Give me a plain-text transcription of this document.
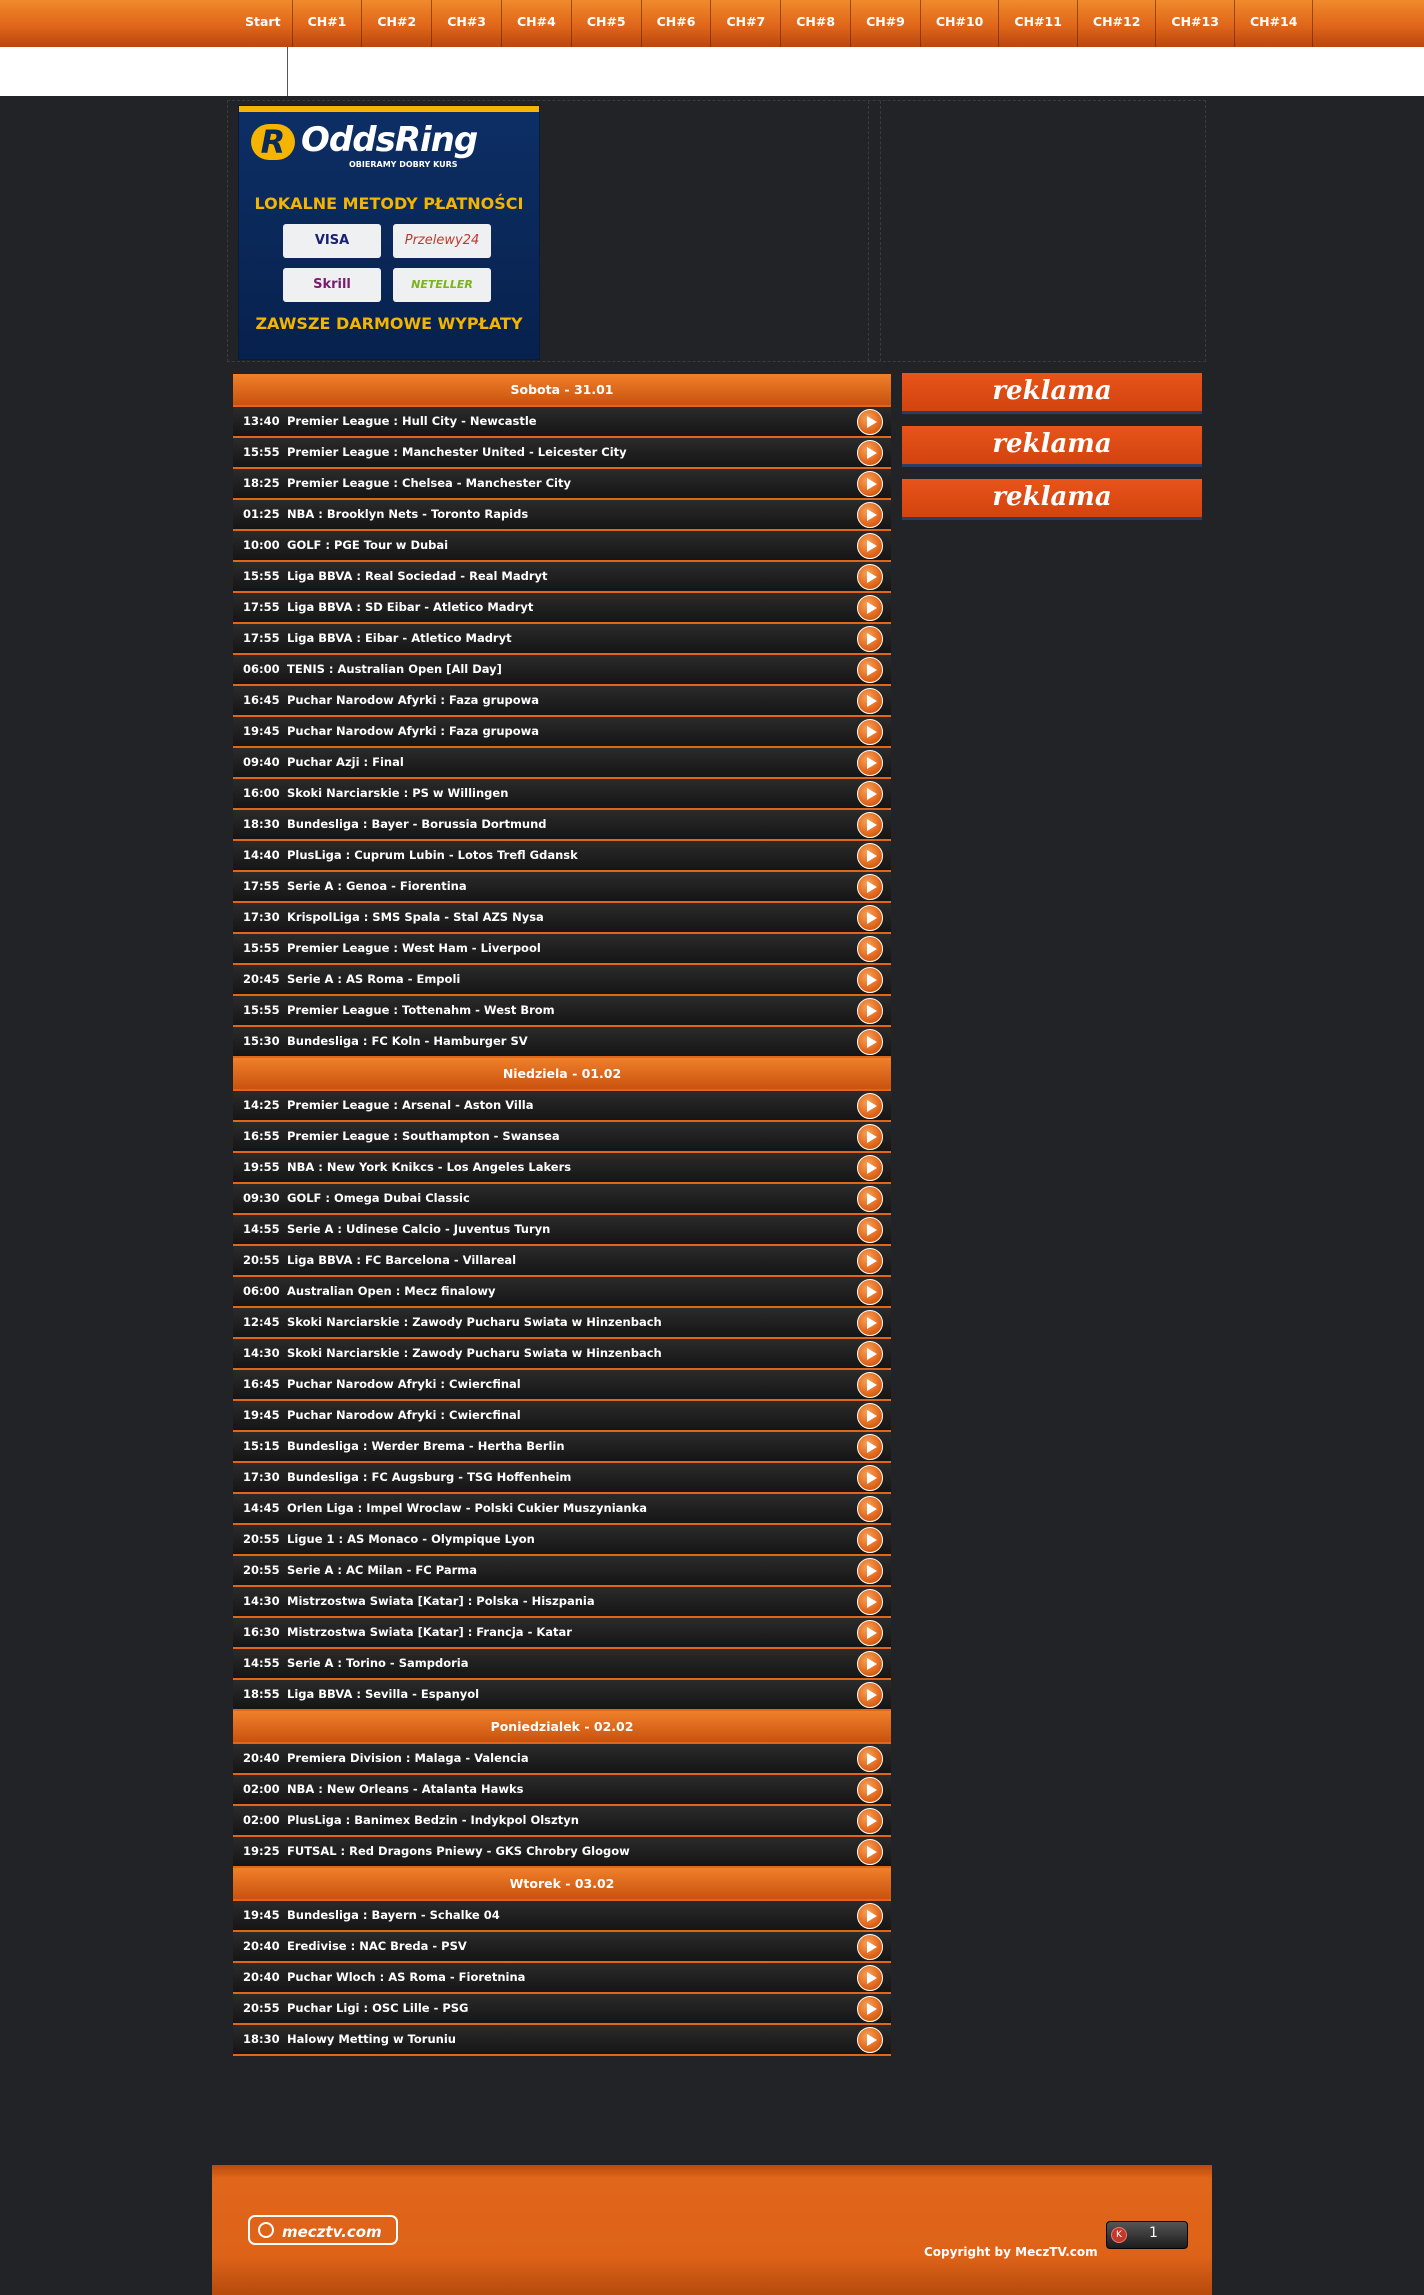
Start	CH#1	CH#2	CH#3	CH#4	CH#5	CH#6	CH#7	CH#8	CH#9	CH#10	CH#11	CH#12	CH#13	CH#14
R OddsRing
OBIERAMY DOBRY KURS
LOKALNE METODY PŁATNOŚCI
VISA	Przelewy24
Skrill	NETELLER
ZAWSZE DARMOWE WYPŁATY
Sobota - 31.01
13:40 Premier League : Hull City - Newcastle
15:55 Premier League : Manchester United - Leicester City
18:25 Premier League : Chelsea - Manchester City
01:25 NBA : Brooklyn Nets - Toronto Rapids
10:00 GOLF : PGE Tour w Dubai
15:55 Liga BBVA : Real Sociedad - Real Madryt
17:55 Liga BBVA : SD Eibar - Atletico Madryt
17:55 Liga BBVA : Eibar - Atletico Madryt
06:00 TENIS : Australian Open [All Day]
16:45 Puchar Narodow Afyrki : Faza grupowa
19:45 Puchar Narodow Afyrki : Faza grupowa
09:40 Puchar Azji : Final
16:00 Skoki Narciarskie : PS w Willingen
18:30 Bundesliga : Bayer - Borussia Dortmund
14:40 PlusLiga : Cuprum Lubin - Lotos Trefl Gdansk
17:55 Serie A : Genoa - Fiorentina
17:30 KrispolLiga : SMS Spala - Stal AZS Nysa
15:55 Premier League : West Ham - Liverpool
20:45 Serie A : AS Roma - Empoli
15:55 Premier League : Tottenahm - West Brom
15:30 Bundesliga : FC Koln - Hamburger SV
Niedziela - 01.02
14:25 Premier League : Arsenal - Aston Villa
16:55 Premier League : Southampton - Swansea
19:55 NBA : New York Knikcs - Los Angeles Lakers
09:30 GOLF : Omega Dubai Classic
14:55 Serie A : Udinese Calcio - Juventus Turyn
20:55 Liga BBVA : FC Barcelona - Villareal
06:00 Australian Open : Mecz finalowy
12:45 Skoki Narciarskie : Zawody Pucharu Swiata w Hinzenbach
14:30 Skoki Narciarskie : Zawody Pucharu Swiata w Hinzenbach
16:45 Puchar Narodow Afryki : Cwiercfinal
19:45 Puchar Narodow Afryki : Cwiercfinal
15:15 Bundesliga : Werder Brema - Hertha Berlin
17:30 Bundesliga : FC Augsburg - TSG Hoffenheim
14:45 Orlen Liga : Impel Wroclaw - Polski Cukier Muszynianka
20:55 Ligue 1 : AS Monaco - Olympique Lyon
20:55 Serie A : AC Milan - FC Parma
14:30 Mistrzostwa Swiata [Katar] : Polska - Hiszpania
16:30 Mistrzostwa Swiata [Katar] : Francja - Katar
14:55 Serie A : Torino - Sampdoria
18:55 Liga BBVA : Sevilla - Espanyol
Poniedzialek - 02.02
20:40 Premiera Division : Malaga - Valencia
02:00 NBA : New Orleans - Atalanta Hawks
02:00 PlusLiga : Banimex Bedzin - Indykpol Olsztyn
19:25 FUTSAL : Red Dragons Pniewy - GKS Chrobry Glogow
Wtorek - 03.02
19:45 Bundesliga : Bayern - Schalke 04
20:40 Eredivise : NAC Breda - PSV
20:40 Puchar Wloch : AS Roma - Fioretnina
20:55 Puchar Ligi : OSC Lille - PSG
18:30 Halowy Metting w Toruniu
reklama
reklama
reklama
mecztv.com
Copyright by MeczTV.com
K	1
